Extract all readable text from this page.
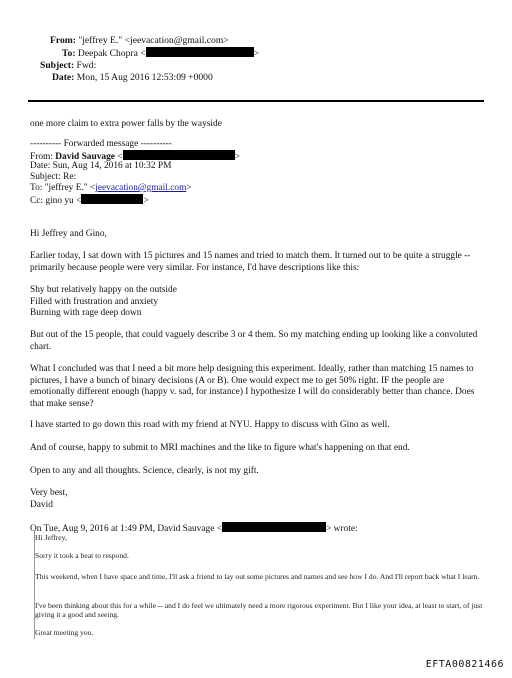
From: "jeffrey E." <jeevacation@gmail.com>
To: Deepak Chopra <	>
Subject: Fwd:
Date: Mon, 15 Aug 2016 12:53:09 +0000

one more claim to extra power falls by the wayside

---------- Forwarded message ----------
From: David Sauvage <	>
Date: Sun, Aug 14, 2016 at 10:32 PM
Subject: Re:
To: "jeffrey E." <jeevacation@gmail.com>
Cc: gino yu <	>

Hi Jeffrey and Gino,

Earlier today, I sat down with 15 pictures and 15 names and tried to match them. It turned out to be quite a struggle -- primarily because people were very similar. For instance, I'd have descriptions like this:

Shy but relatively happy on the outside

Filled with frustration and anxiety

Burning with rage deep down

But out of the 15 people, that could vaguely describe 3 or 4 them. So my matching ending up looking like a convoluted chart.

What I concluded was that I need a bit more help designing this experiment. Ideally, rather than matching 15 names to pictures, I have a bunch of binary decisions (A or B). One would expect me to get 50% right. IF the people are emotionally different enough (happy v. sad, for instance) I hypothesize I will do considerably better than chance. Does that make sense?

I have started to go down this road with my friend at NYU. Happy to discuss with Gino as well.

And of course, happy to submit to MRI machines and the like to figure what's happening on that end.

Open to any and all thoughts. Science, clearly, is not my gift.

Very best,

David

On Tue, Aug 9, 2016 at 1:49 PM, David Sauvage <	> wrote:

Hi Jeffrey,

Sorry it took a beat to respond.

This weekend, when I have space and time, I'll ask a friend to lay out some pictures and names and see how I do. And I'll report back what I learn.

I've been thinking about this for a while -- and I do feel we ultimately need a more rigorous experiment. But I like your idea, at least to start, of just giving it a good and seeing.

Great meeting you.

EFTA00821466
